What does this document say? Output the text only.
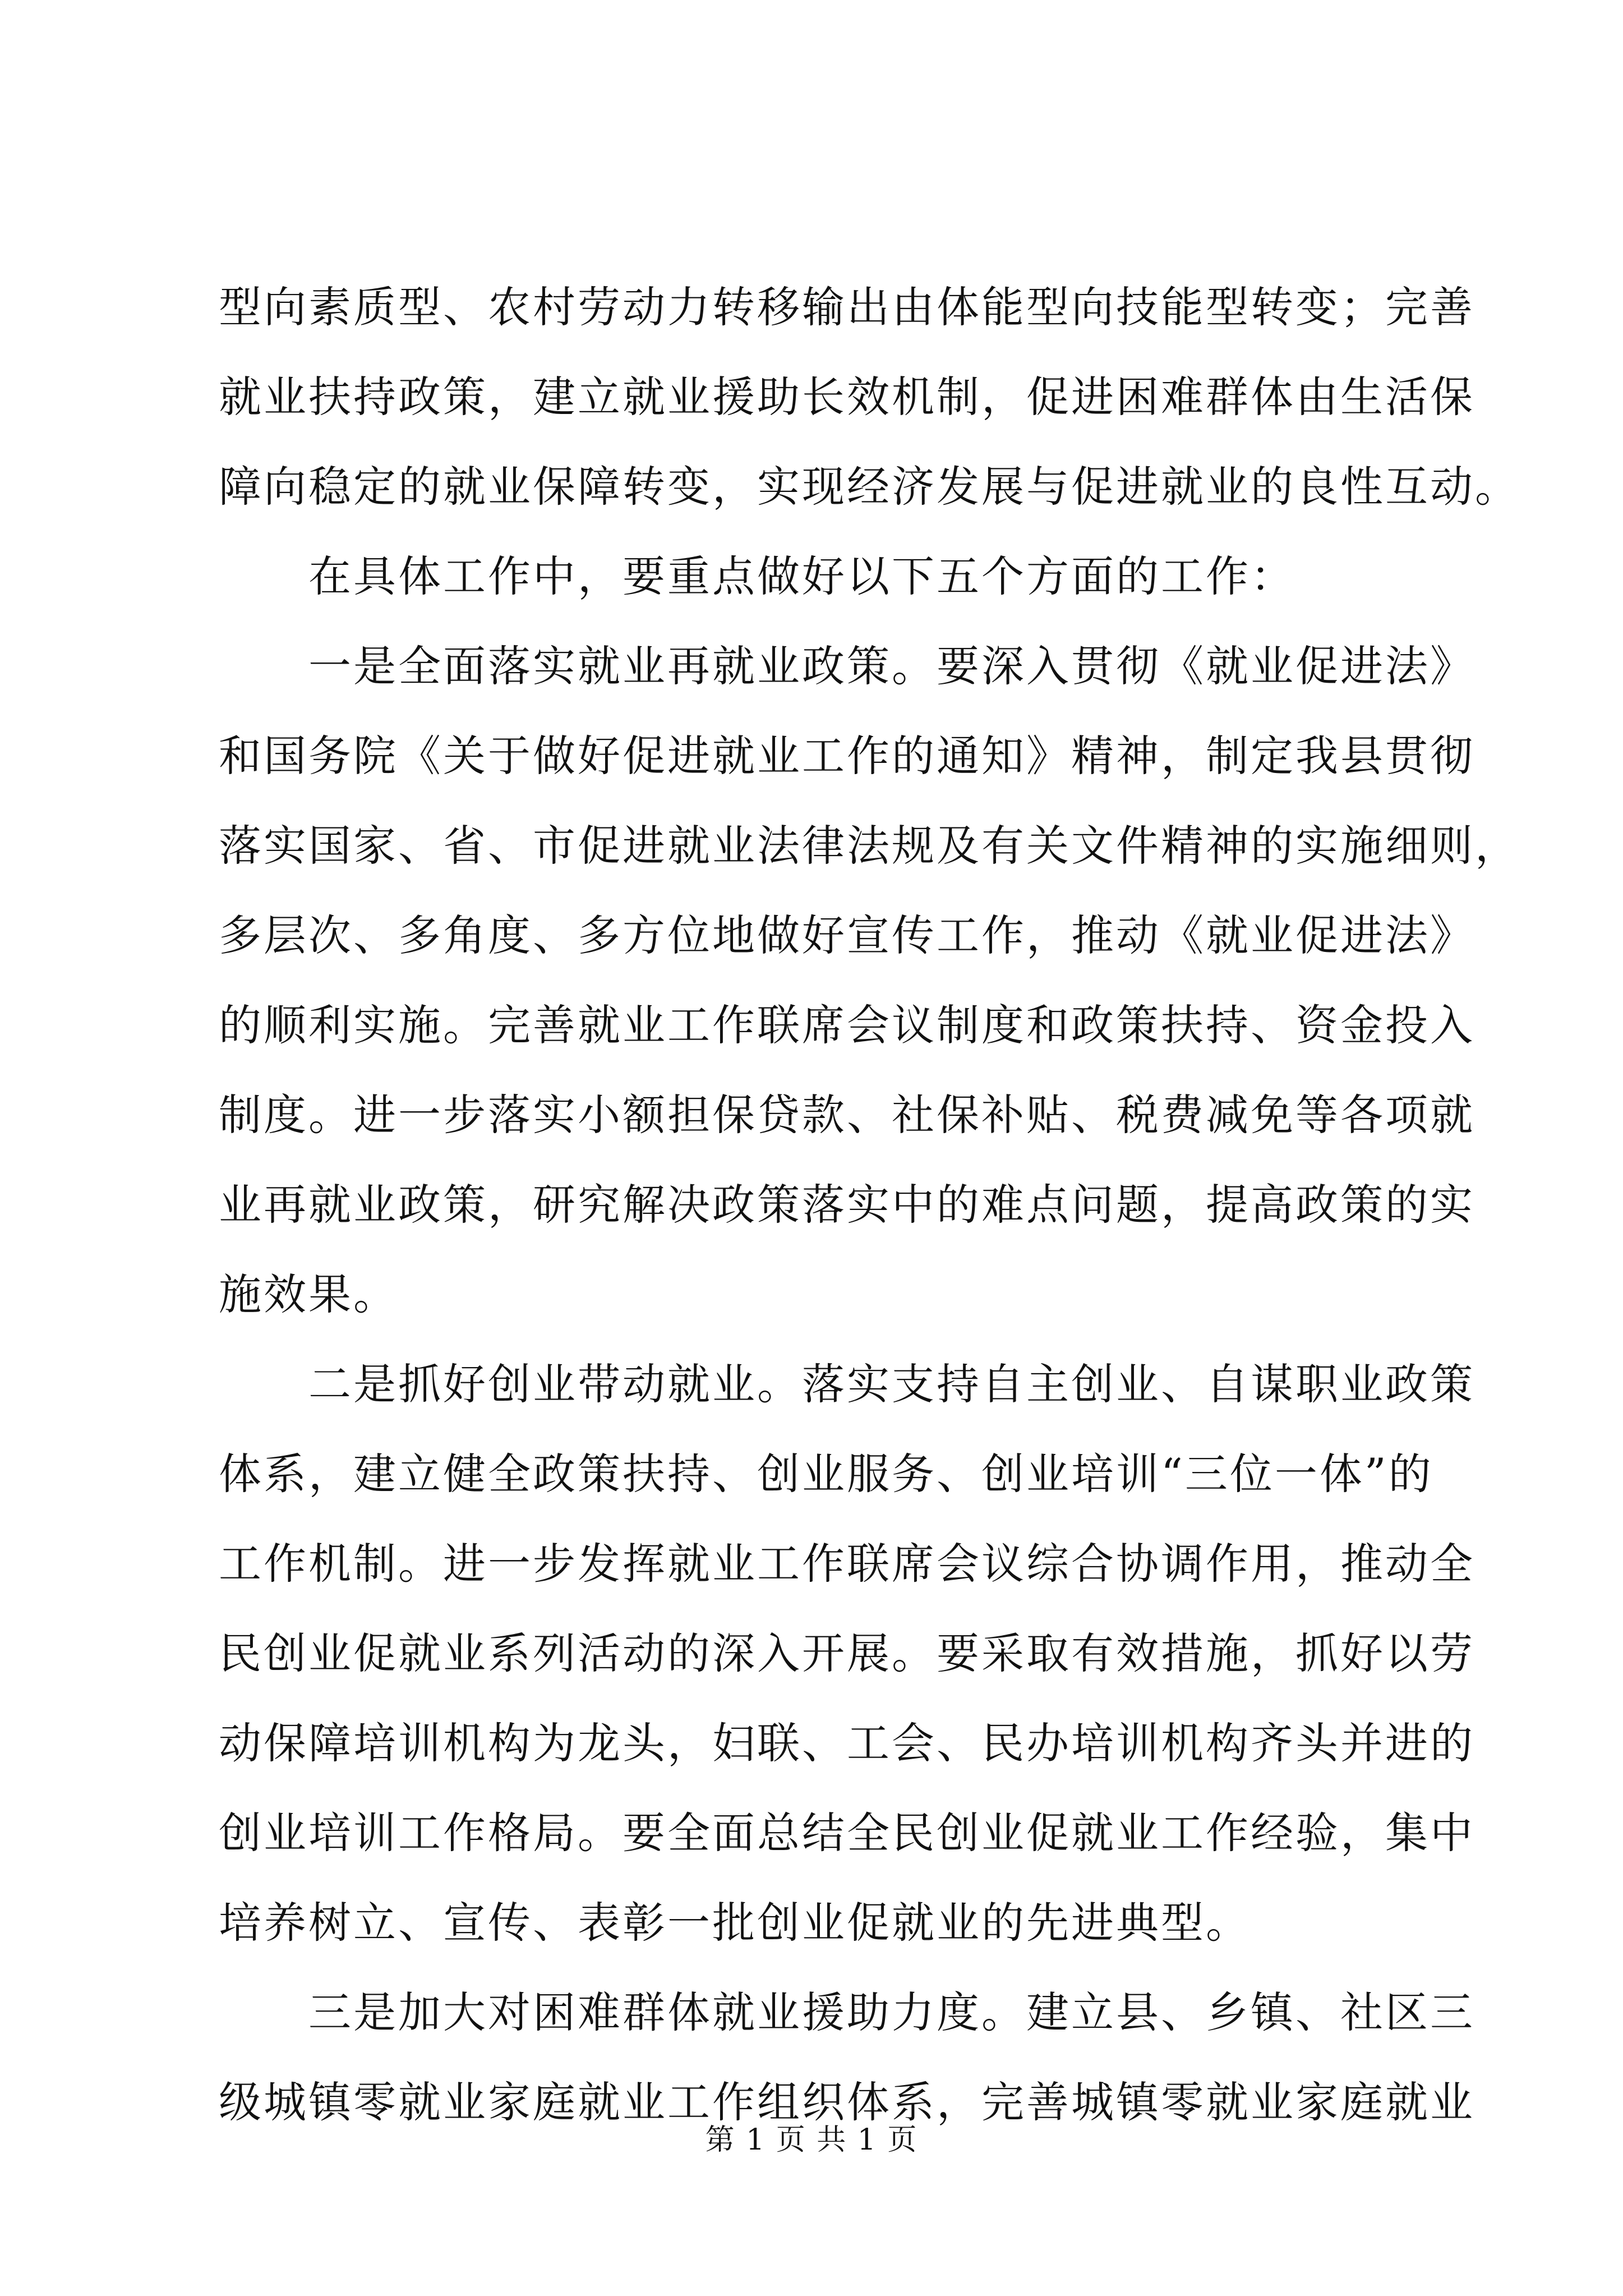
型向素质型、农村劳动力转移输出由体能型向技能型转变；完善
就业扶持政策，建立就业援助长效机制，促进困难群体由生活保
障向稳定的就业保障转变，实现经济发展与促进就业的良性互动。
　　在具体工作中，要重点做好以下五个方面的工作：
　　一是全面落实就业再就业政策。要深入贯彻《就业促进法》
和国务院《关于做好促进就业工作的通知》精神，制定我县贯彻
落实国家、省、市促进就业法律法规及有关文件精神的实施细则，
多层次、多角度、多方位地做好宣传工作，推动《就业促进法》
的顺利实施。完善就业工作联席会议制度和政策扶持、资金投入
制度。进一步落实小额担保贷款、社保补贴、税费减免等各项就
业再就业政策，研究解决政策落实中的难点问题，提高政策的实
施效果。
　　二是抓好创业带动就业。落实支持自主创业、自谋职业政策
体系，建立健全政策扶持、创业服务、创业培训“三位一体”的
工作机制。进一步发挥就业工作联席会议综合协调作用，推动全
民创业促就业系列活动的深入开展。要采取有效措施，抓好以劳
动保障培训机构为龙头，妇联、工会、民办培训机构齐头并进的
创业培训工作格局。要全面总结全民创业促就业工作经验，集中
培养树立、宣传、表彰一批创业促就业的先进典型。
　　三是加大对困难群体就业援助力度。建立县、乡镇、社区三
级城镇零就业家庭就业工作组织体系，完善城镇零就业家庭就业
第 1 页 共 1 页
